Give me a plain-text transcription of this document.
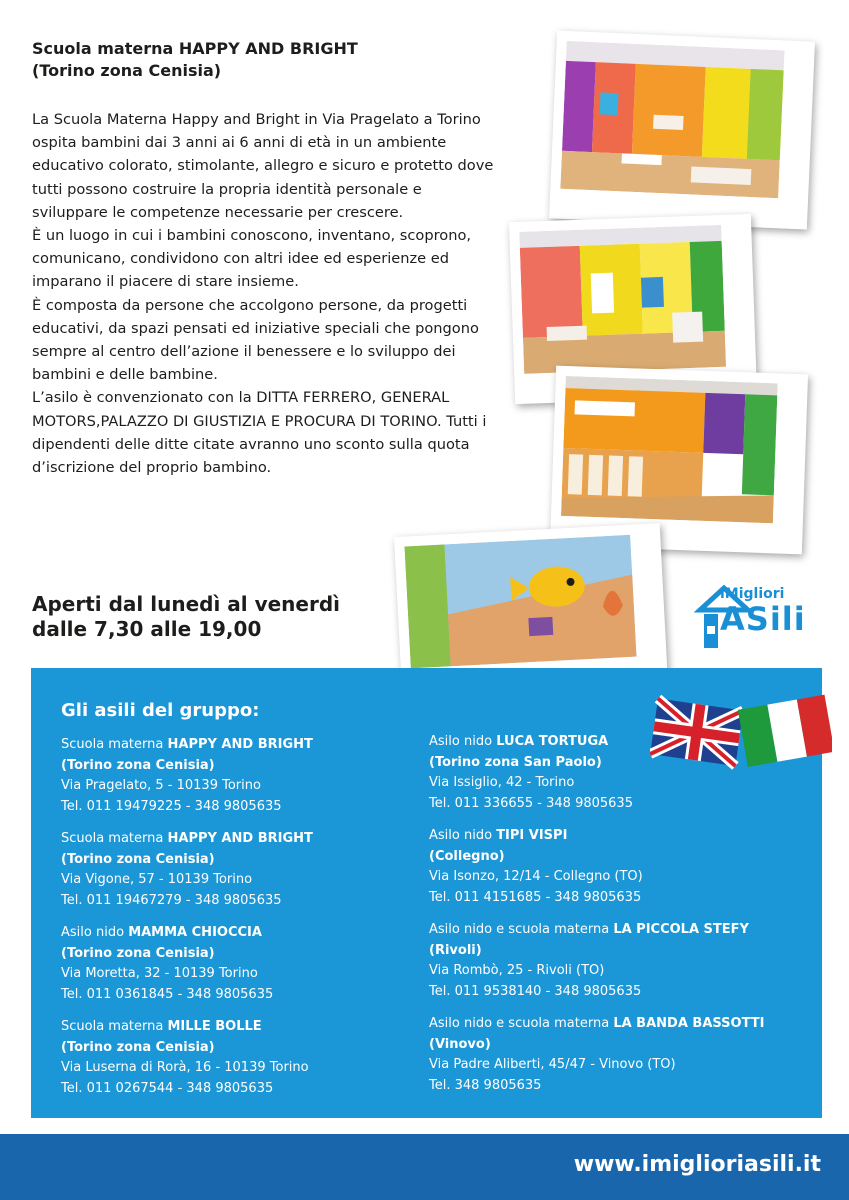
Scuola materna HAPPY AND BRIGHT
(Torino zona Cenisia)

La Scuola Materna Happy and Bright in Via Pragelato a Torino ospita bambini dai 3 anni ai 6 anni di età in un ambiente educativo colorato, stimolante, allegro e sicuro e protetto dove tutti possono costruire la propria identità personale e sviluppare le competenze necessarie per crescere.

È un luogo in cui i bambini conoscono, inventano, scoprono, comunicano, condividono con altri idee ed esperienze ed imparano il piacere di stare insieme.

È composta da persone che accolgono persone, da progetti educativi, da spazi pensati ed iniziative speciali che pongono sempre al centro dell’azione il benessere e lo sviluppo dei bambini e delle bambine.

L’asilo è convenzionato con la DITTA FERRERO, GENERAL MOTORS,PALAZZO DI GIUSTIZIA E PROCURA DI TORINO. Tutti i dipendenti delle ditte citate avranno uno sconto sulla quota d’iscrizione del proprio bambino.

Aperti dal lunedì al venerdì
dalle 7,30 alle 19,00
iMigliori
ASili
Gli asili del gruppo:
Scuola materna HAPPY AND BRIGHT
(Torino zona Cenisia)
Via Pragelato, 5 - 10139 Torino
Tel. 011 19479225 - 348 9805635
Scuola materna HAPPY AND BRIGHT
(Torino zona Cenisia)
Via Vigone, 57 - 10139 Torino
Tel. 011 19467279 - 348 9805635
Asilo nido MAMMA CHIOCCIA
(Torino zona Cenisia)
Via Moretta, 32 - 10139 Torino
Tel. 011 0361845 - 348 9805635
Scuola materna MILLE BOLLE
(Torino zona Cenisia)
Via Luserna di Rorà, 16 - 10139 Torino
Tel. 011 0267544 - 348 9805635
Asilo nido LUCA TORTUGA
(Torino zona San Paolo)
Via Issiglio, 42 - Torino
Tel. 011 336655 - 348 9805635
Asilo nido TIPI VISPI
(Collegno)
Via Isonzo, 12/14 - Collegno (TO)
Tel. 011 4151685 - 348 9805635
Asilo nido e scuola materna LA PICCOLA STEFY
(Rivoli)
Via Rombò, 25 - Rivoli (TO)
Tel. 011 9538140 - 348 9805635
Asilo nido e scuola materna LA BANDA BASSOTTI
(Vinovo)
Via Padre Aliberti, 45/47 - Vinovo (TO)
Tel. 348 9805635
www.imiglioriasili.it
